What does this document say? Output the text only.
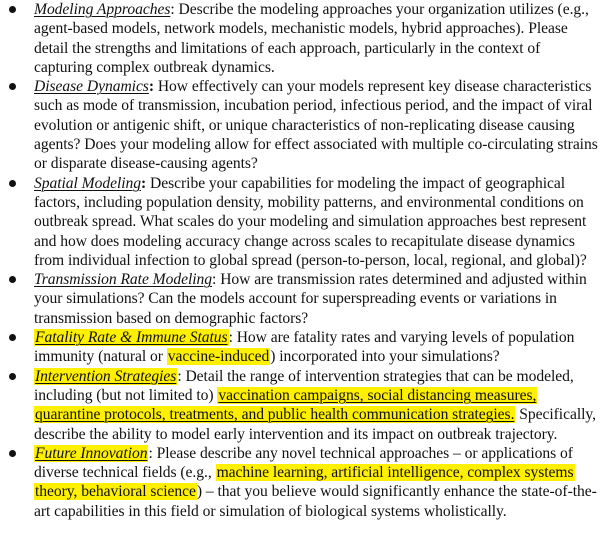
Modeling Approaches: Describe the modeling approaches your organization utilizes (e.g., agent-based models, network models, mechanistic models, hybrid approaches). Please detail the strengths and limitations of each approach, particularly in the context of capturing complex outbreak dynamics.
Disease Dynamics: How effectively can your models represent key disease characteristics such as mode of transmission, incubation period, infectious period, and the impact of viral evolution or antigenic shift, or unique characteristics of non-replicating disease causing agents? Does your modeling allow for effect associated with multiple co-circulating strains or disparate disease-causing agents?
Spatial Modeling: Describe your capabilities for modeling the impact of geographical factors, including population density, mobility patterns, and environmental conditions on outbreak spread. What scales do your modeling and simulation approaches best represent and how does modeling accuracy change across scales to recapitulate disease dynamics from individual infection to global spread (person-to-person, local, regional, and global)?
Transmission Rate Modeling: How are transmission rates determined and adjusted within your simulations? Can the models account for superspreading events or variations in transmission based on demographic factors?
Fatality Rate & Immune Status: How are fatality rates and varying levels of population immunity (natural or vaccine-induced) incorporated into your simulations?
Intervention Strategies: Detail the range of intervention strategies that can be modeled, including (but not limited to) vaccination campaigns, social distancing measures, quarantine protocols, treatments, and public health communication strategies. Specifically, describe the ability to model early intervention and its impact on outbreak trajectory.
Future Innovation: Please describe any novel technical approaches – or applications of diverse technical fields (e.g., machine learning, artificial intelligence, complex systems theory, behavioral science) – that you believe would significantly enhance the state-of-the-art capabilities in this field or simulation of biological systems wholistically.
